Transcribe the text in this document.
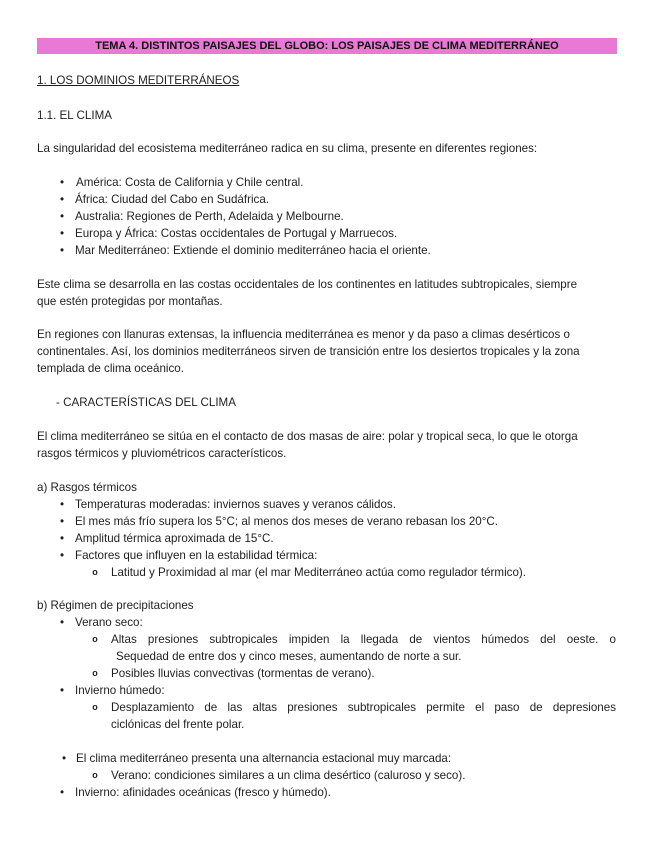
TEMA 4. DISTINTOS PAISAJES DEL GLOBO: LOS PAISAJES DE CLIMA MEDITERRÁNEO
1. LOS DOMINIOS MEDITERRÁNEOS
1.1. EL CLIMA
La singularidad del ecosistema mediterráneo radica en su clima, presente en diferentes regiones:
•	América: Costa de California y Chile central.
• África: Ciudad del Cabo en Sudáfrica.
• Australia: Regiones de Perth, Adelaida y Melbourne.
• Europa y África: Costas occidentales de Portugal y Marruecos.
• Mar Mediterráneo: Extiende el dominio mediterráneo hacia el oriente.
Este clima se desarrolla en las costas occidentales de los continentes en latitudes subtropicales, siempre
que estén protegidas por montañas.
En regiones con llanuras extensas, la influencia mediterránea es menor y da paso a climas desérticos o
continentales. Así, los dominios mediterráneos sirven de transición entre los desiertos tropicales y la zona
templada de clima oceánico.
- CARACTERÍSTICAS DEL CLIMA
El clima mediterráneo se sitúa en el contacto de dos masas de aire: polar y tropical seca, lo que le otorga
rasgos térmicos y pluviométricos característicos.
a) Rasgos térmicos
• Temperaturas moderadas: inviernos suaves y veranos cálidos.
• El mes más frío supera los 5°C; al menos dos meses de verano rebasan los 20°C.
• Amplitud térmica aproximada de 15°C.
• Factores que influyen en la estabilidad térmica:
o Latitud y Proximidad al mar (el mar Mediterráneo actúa como regulador térmico).
b) Régimen de precipitaciones
• Verano seco:
o Altas presiones subtropicales impiden la llegada de vientos húmedos del oeste. o
Sequedad de entre dos y cinco meses, aumentando de norte a sur.
o Posibles lluvias convectivas (tormentas de verano).
• Invierno húmedo:
o Desplazamiento de las altas presiones subtropicales permite el paso de depresiones
ciclónicas del frente polar.
• El clima mediterráneo presenta una alternancia estacional muy marcada:
o Verano: condiciones similares a un clima desértico (caluroso y seco).
• Invierno: afinidades oceánicas (fresco y húmedo).
